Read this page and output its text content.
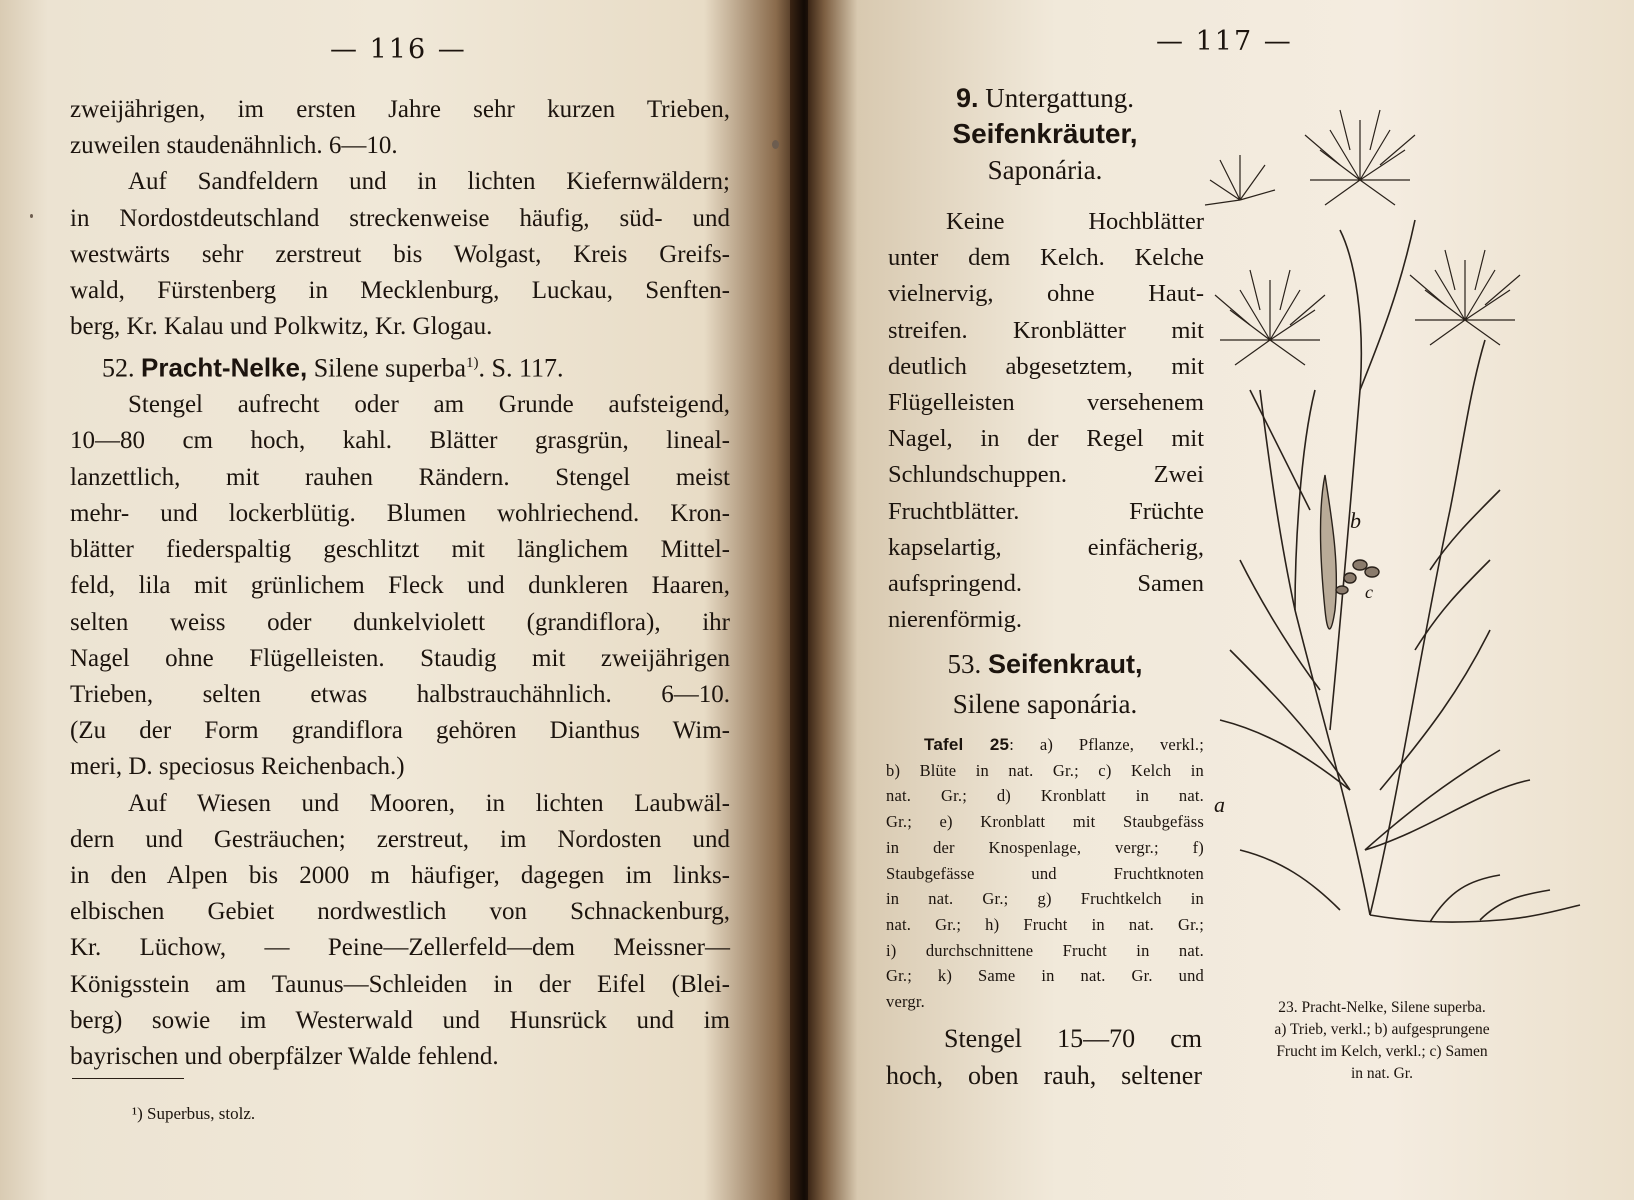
— 116 —

zweijährigen, im ersten Jahre sehr kurzen Trieben,
zuweilen staudenähnlich. 6—10.

Auf Sandfeldern und in lichten Kiefernwäldern;
in Nordostdeutschland streckenweise häufig, süd- und
westwärts sehr zerstreut bis Wolgast, Kreis Greifs-
wald, Fürstenberg in Mecklenburg, Luckau, Senften-
berg, Kr. Kalau und Polkwitz, Kr. Glogau.

52. Pracht-Nelke, Silene superba$^{1)}$. S. 117.

Stengel aufrecht oder am Grunde aufsteigend,
10—80 cm hoch, kahl. Blätter grasgrün, lineal-
lanzettlich, mit rauhen Rändern. Stengel meist
mehr- und lockerblütig. Blumen wohlriechend. Kron-
blätter fiederspaltig geschlitzt mit länglichem Mittel-
feld, lila mit grünlichem Fleck und dunkleren Haaren,
selten weiss oder dunkelviolett (grandiflora), ihr
Nagel ohne Flügelleisten. Staudig mit zweijährigen
Trieben, selten etwas halbstrauchähnlich. 6—10.
(Zu der Form grandiflora gehören Dianthus Wim-
meri, D. speciosus Reichenbach.)

Auf Wiesen und Mooren, in lichten Laubwäl-
dern und Gesträuchen; zerstreut, im Nordosten und
in den Alpen bis 2000 m häufiger, dagegen im links-
elbischen Gebiet nordwestlich von Schnackenburg,
Kr. Lüchow, — Peine—Zellerfeld—dem Meissner—
Königsstein am Taunus—Schleiden in der Eifel (Blei-
berg) sowie im Westerwald und Hunsrück und im
bayrischen und oberpfälzer Walde fehlend.

¹) Superbus, stolz.
— 117 —
9. Untergattung.
Seifenkräuter,
Saponária.
Keine Hochblätter
unter dem Kelch. Kelche
vielnervig, ohne Haut-
streifen. Kronblätter mit
deutlich abgesetztem, mit
Flügelleisten versehenem
Nagel, in der Regel mit
Schlundschuppen. Zwei
Fruchtblätter. Früchte
kapselartig, einfächerig,
aufspringend. Samen
nierenförmig.
53. Seifenkraut,
Silene saponária.
Tafel 25: a) Pflanze, verkl.;
b) Blüte in nat. Gr.; c) Kelch in
nat. Gr.; d) Kronblatt in nat.
Gr.; e) Kronblatt mit Staubgefäss
in der Knospenlage, vergr.; f)
Staubgefässe und Fruchtknoten
in nat. Gr.; g) Fruchtkelch in
nat. Gr.; h) Frucht in nat. Gr.;
i) durchschnittene Frucht in nat.
Gr.; k) Same in nat. Gr. und
vergr.
Stengel 15—70 cm
hoch, oben rauh, seltener
b
c
a
23. Pracht-Nelke, Silene superba.
a) Trieb, verkl.; b) aufgesprungene
Frucht im Kelch, verkl.; c) Samen
in nat. Gr.
